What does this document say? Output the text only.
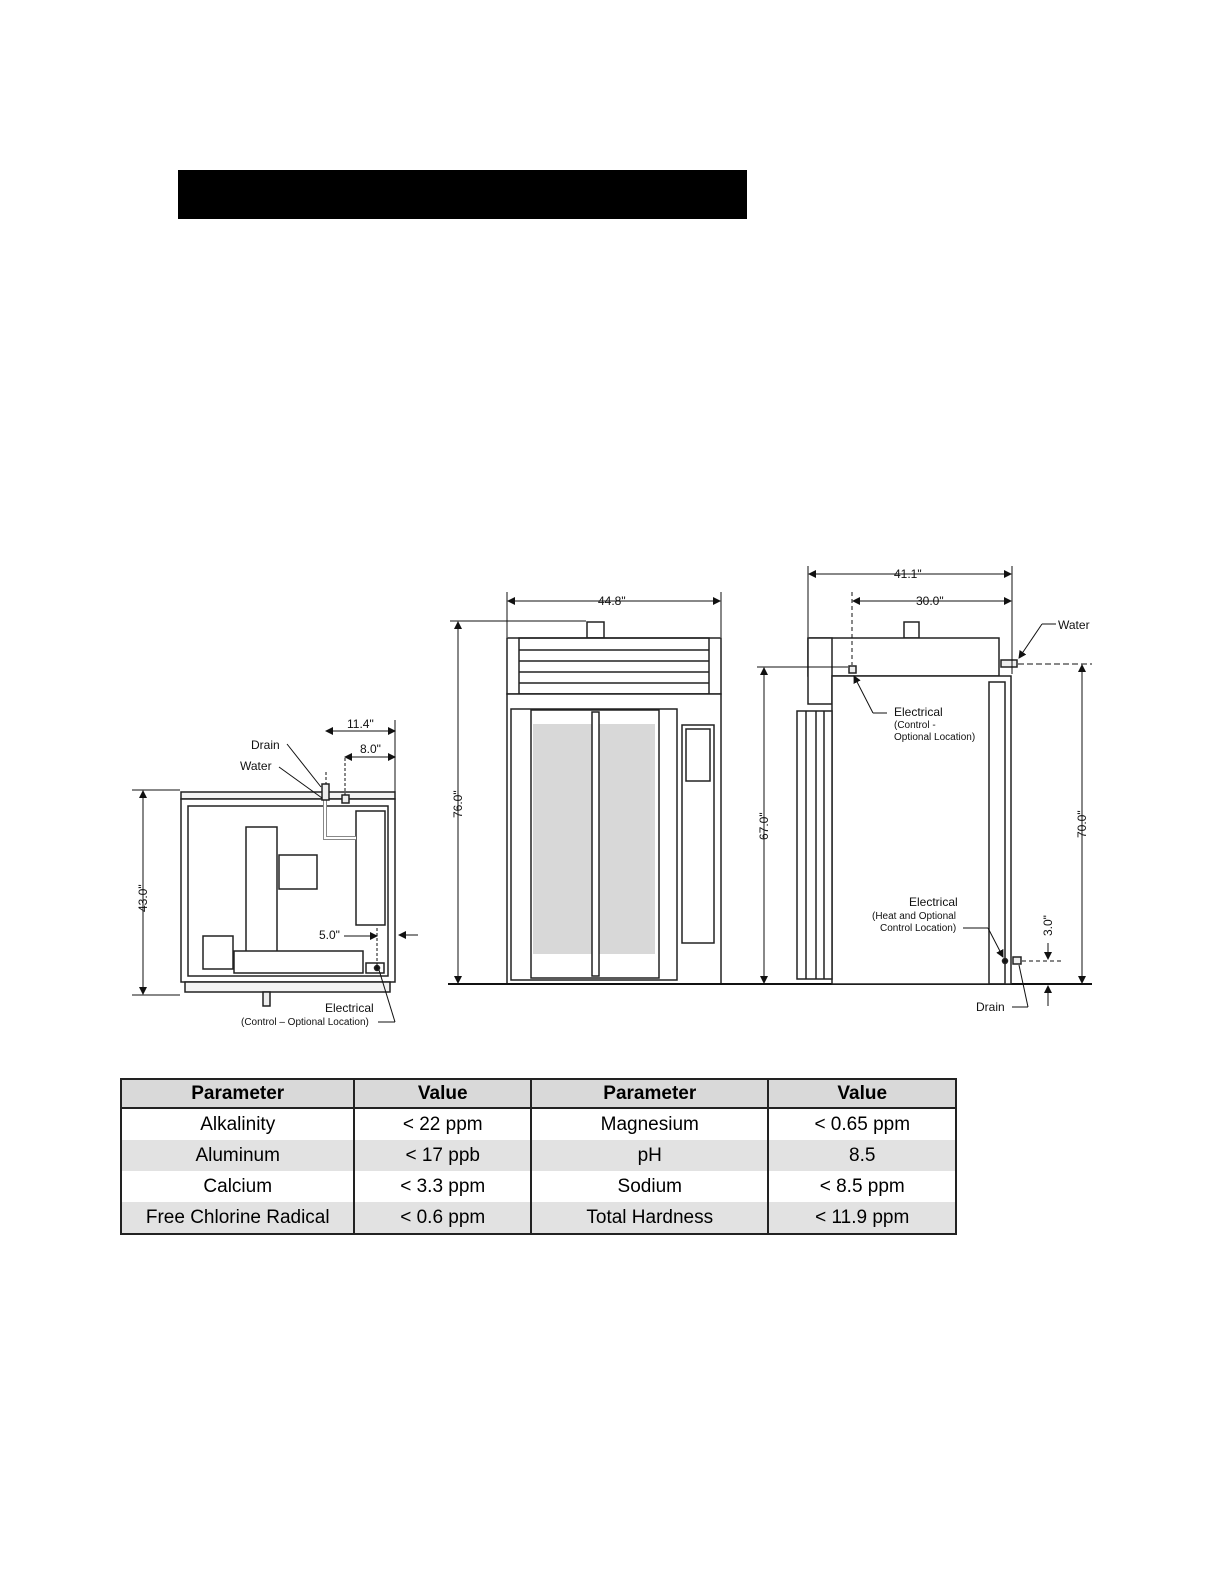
11.4"
8.0"
Drain
Water
43.0"
5.0"
Electrical
(Control – Optional Location)
44.8"
76.0"
41.1"
30.0"
Water
Electrical
(Control -
Optional Location)
67.0"	70.0"
Electrical
(Heat and Optional
Control Location)	3.0"
Drain
Parameter	Value	Parameter	Value
Alkalinity	< 22 ppm	Magnesium	< 0.65 ppm
Aluminum	< 17 ppb	pH	8.5
Calcium	< 3.3 ppm	Sodium	< 8.5 ppm
Free Chlorine Radical	< 0.6 ppm	Total Hardness	< 11.9 ppm
